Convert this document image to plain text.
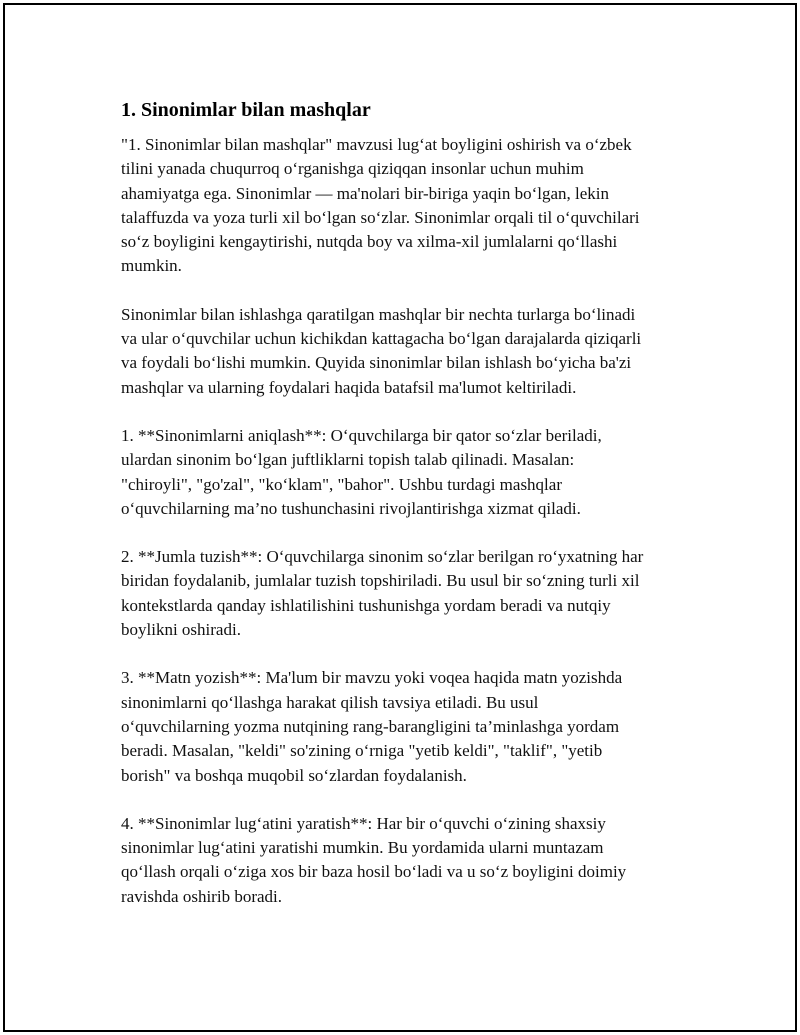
1. Sinonimlar bilan mashqlar

"1. Sinonimlar bilan mashqlar" mavzusi lug‘at boyligini oshirish va o‘zbek
tilini yanada chuqurroq o‘rganishga qiziqqan insonlar uchun muhim
ahamiyatga ega. Sinonimlar — ma'nolari bir-biriga yaqin bo‘lgan, lekin
talaffuzda va yoza turli xil bo‘lgan so‘zlar. Sinonimlar orqali til o‘quvchilari
so‘z boyligini kengaytirishi, nutqda boy va xilma-xil jumlalarni qo‘llashi
mumkin.

Sinonimlar bilan ishlashga qaratilgan mashqlar bir nechta turlarga bo‘linadi
va ular o‘quvchilar uchun kichikdan kattagacha bo‘lgan darajalarda qiziqarli
va foydali bo‘lishi mumkin. Quyida sinonimlar bilan ishlash bo‘yicha ba'zi
mashqlar va ularning foydalari haqida batafsil ma'lumot keltiriladi.

1. **Sinonimlarni aniqlash**: O‘quvchilarga bir qator so‘zlar beriladi,
ulardan sinonim bo‘lgan juftliklarni topish talab qilinadi. Masalan:
"chiroyli", "go'zal", "ko‘klam", "bahor". Ushbu turdagi mashqlar
o‘quvchilarning ma’no tushunchasini rivojlantirishga xizmat qiladi.

2. **Jumla tuzish**: O‘quvchilarga sinonim so‘zlar berilgan ro‘yxatning har
biridan foydalanib, jumlalar tuzish topshiriladi. Bu usul bir so‘zning turli xil
kontekstlarda qanday ishlatilishini tushunishga yordam beradi va nutqiy
boylikni oshiradi.

3. **Matn yozish**: Ma'lum bir mavzu yoki voqea haqida matn yozishda
sinonimlarni qo‘llashga harakat qilish tavsiya etiladi. Bu usul
o‘quvchilarning yozma nutqining rang-barangligini ta’minlashga yordam
beradi. Masalan, "keldi" so'zining o‘rniga "yetib keldi", "taklif", "yetib
borish" va boshqa muqobil so‘zlardan foydalanish.

4. **Sinonimlar lug‘atini yaratish**: Har bir o‘quvchi o‘zining shaxsiy
sinonimlar lug‘atini yaratishi mumkin. Bu yordamida ularni muntazam
qo‘llash orqali o‘ziga xos bir baza hosil bo‘ladi va u so‘z boyligini doimiy
ravishda oshirib boradi.
